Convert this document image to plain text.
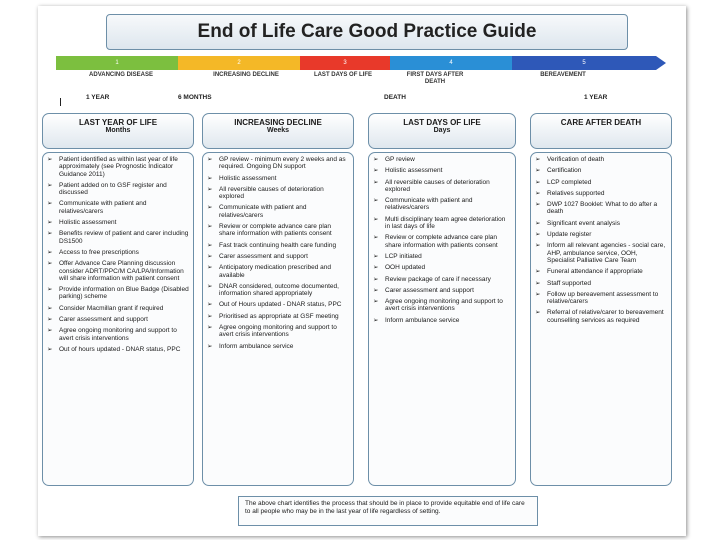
End of Life Care Good Practice Guide
1	2	3	4	5
ADVANCING DISEASE	INCREASING DECLINE	LAST DAYS OF LIFE	FIRST DAYS AFTER DEATH
BEREAVEMENT
1 YEAR	6 MONTHS	DEATH	1 YEAR
LAST YEAR OF LIFE
Months
INCREASING DECLINE
Weeks
LAST DAYS OF LIFE
Days
CARE AFTER DEATH
➢ Patient identified as within last year of life approximately (see Prognostic Indicator Guidance 2011)
➢ Patient added on to GSF register and discussed
➢ Communicate with patient and relatives/carers
➢ Holistic assessment
➢ Benefits review of patient and carer including DS1500
➢ Access to free prescriptions
➢ Offer Advance Care Planning discussion consider ADRT/PPC/M CA/LPA/Information will share information with patient consent
➢ Provide information on Blue Badge (Disabled parking) scheme
➢ Consider Macmillan grant if required
➢ Carer assessment and support
➢ Agree ongoing monitoring and support to avert crisis interventions
➢ Out of hours updated - DNAR status, PPC
➢ GP review - minimum every 2 weeks and as required. Ongoing DN support
➢ Holistic assessment
➢ All reversible causes of deterioration explored
➢ Communicate with patient and relatives/carers
➢ Review or complete advance care plan share information with patients consent
➢ Fast track continuing health care funding
➢ Carer assessment and support
➢ Anticipatory medication prescribed and available
➢ DNAR considered, outcome documented, information shared appropriately
➢ Out of Hours updated - DNAR status, PPC
➢ Prioritised as appropriate at GSF meeting
➢ Agree ongoing monitoring and support to avert crisis interventions
➢ Inform ambulance service
➢ GP review
➢ Holistic assessment
➢ All reversible causes of deterioration explored
➢ Communicate with patient and relatives/carers
➢ Multi disciplinary team agree deterioration in last days of life
➢ Review or complete advance care plan share information with patients consent
➢ LCP initiated
➢ OOH updated
➢ Review package of care if necessary
➢ Carer assessment and support
➢ Agree ongoing monitoring and support to avert crisis interventions
➢ Inform ambulance service
➢ Verification of death
➢ Certification
➢ LCP completed
➢ Relatives supported
➢ DWP 1027 Booklet: What to do after a death
➢ Significant event analysis
➢ Update register
➢ Inform all relevant agencies - social care, AHP, ambulance service, OOH, Specialist Palliative Care Team
➢ Funeral attendance if appropriate
➢ Staff supported
➢ Follow up bereavement assessment to relative/carers
➢ Referral of relative/carer to bereavement counselling services as required
The above chart identifies the process that should be in place to provide equitable end of life care to all people who may be in the last year of life regardless of setting.
